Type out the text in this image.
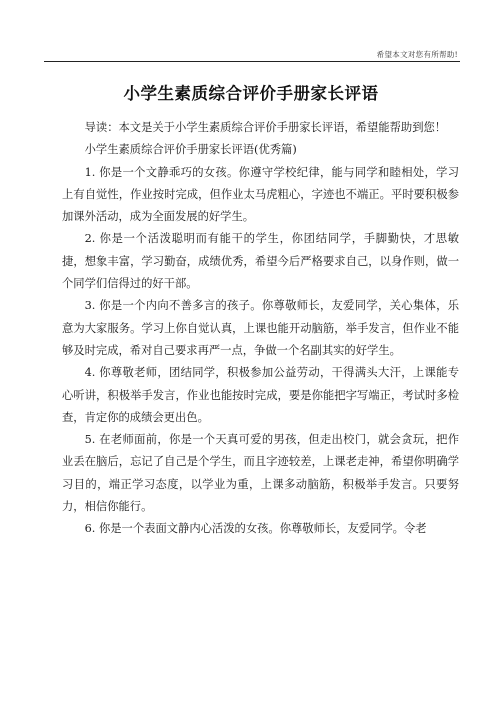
希望本文对您有所帮助!
小学生素质综合评价手册家长评语

导读：本文是关于小学生素质综合评价手册家长评语，希望能帮助到您！

小学生素质综合评价手册家长评语(优秀篇)

1. 你是一个文静乖巧的女孩。你遵守学校纪律，能与同学和睦相处，学习上有自觉性，作业按时完成，但作业太马虎粗心，字迹也不端正。平时要积极参加课外活动，成为全面发展的好学生。

2. 你是一个活泼聪明而有能干的学生，你团结同学，手脚勤快，才思敏捷，想象丰富，学习勤奋，成绩优秀，希望今后严格要求自己，以身作则，做一个同学们信得过的好干部。

3. 你是一个内向不善多言的孩子。你尊敬师长，友爱同学，关心集体，乐意为大家服务。学习上你自觉认真，上课也能开动脑筋，举手发言，但作业不能够及时完成，希对自己要求再严一点，争做一个名副其实的好学生。

4. 你尊敬老师，团结同学，积极参加公益劳动，干得满头大汗，上课能专心听讲，积极举手发言，作业也能按时完成，要是你能把字写端正，考试时多检查，肯定你的成绩会更出色。

5. 在老师面前，你是一个天真可爱的男孩，但走出校门，就会贪玩，把作业丢在脑后，忘记了自己是个学生，而且字迹较差，上课老走神，希望你明确学习目的，端正学习态度，以学业为重，上课多动脑筋，积极举手发言。只要努力，相信你能行。

6. 你是一个表面文静内心活泼的女孩。你尊敬师长，友爱同学。令老
